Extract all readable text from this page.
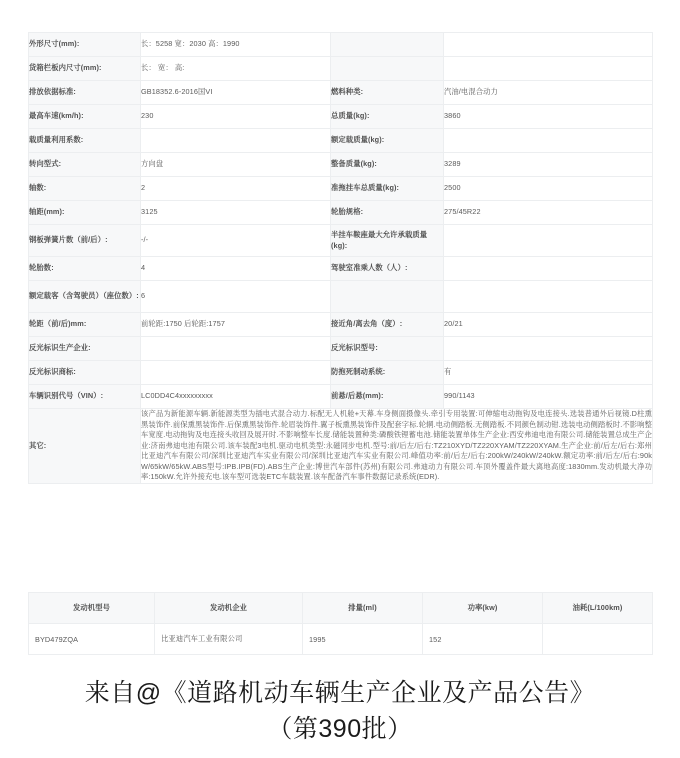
外形尺寸(mm):	长：5258 宽：2030 高：1990		
货箱栏板内尺寸(mm):	长： 宽： 高:		
排放依据标准:	GB18352.6-2016国VI	燃料种类:	汽油/电混合动力
最高车速(km/h):	230	总质量(kg):	3860
载质量利用系数:		额定载质量(kg):	
转向型式:	方向盘	整备质量(kg):	3289
轴数:	2	准拖挂车总质量(kg):	2500
轴距(mm):	3125	轮胎规格:	275/45R22
钢板弹簧片数（前/后）:	-/-	半挂车鞍座最大允许承载质量(kg):	
轮胎数:	4	驾驶室准乘人数（人）:	
额定载客（含驾驶员）（座位数）:	6		
轮距（前/后)mm:	前轮距:1750 后轮距:1757	接近角/离去角（度）:	20/21
反光标识生产企业:		反光标识型号:	
反光标识商标:		防抱死制动系统:	有
车辆识别代号（VIN）:	LC0DD4C4xxxxxxxxx	前悬/后悬(mm):	990/1143
其它:	该产品为新能源车辆.新能源类型为插电式混合动力.标配无人机舱+天幕.车身侧面摄像头.牵引专用装置:可伸缩电动拖钩及电连接头.选装普通外后视镜.D柱熏黑装饰件.前保熏黑装饰件.后保熏黑装饰件.轮眉装饰件.翼子板熏黑装饰件及配套字标.轮辋.电动侧踏板.无侧踏板.不同颜色制动钳.选装电动侧踏板时.不影响整车宽度.电动拖钩及电连接头收回及展开时.不影响整车长度.储能装置种类:磷酸铁锂蓄电池.储能装置单体生产企业:西安弗迪电池有限公司.储能装置总成生产企业:济南弗迪电池有限公司.该车装配3电机.驱动电机类型:永磁同步电机.型号:前/后左/后右:TZ210XYD/TZ220XYAM/TZ220XYAM.生产企业:前/后左/后右:郑州比亚迪汽车有限公司/深圳比亚迪汽车实业有限公司/深圳比亚迪汽车实业有限公司.峰值功率:前/后左/后右:200kW/240kW/240kW.额定功率:前/后左/后右:90kW/65kW/65kW.ABS型号:IPB.IPB(FD).ABS生产企业:博世汽车部件(苏州)有限公司.弗迪动力有限公司.车顶外覆盖件最大离地高度:1830mm.发动机最大净功率:150kW.允许外接充电.该车型可选装ETC车载装置.该车配备汽车事件数据记录系统(EDR).		
发动机型号	发动机企业	排量(ml)	功率(kw)	油耗(L/100km)
BYD479ZQA	比亚迪汽车工业有限公司	1995	152	
来自@《道路机动车辆生产企业及产品公告》
（第390批）
